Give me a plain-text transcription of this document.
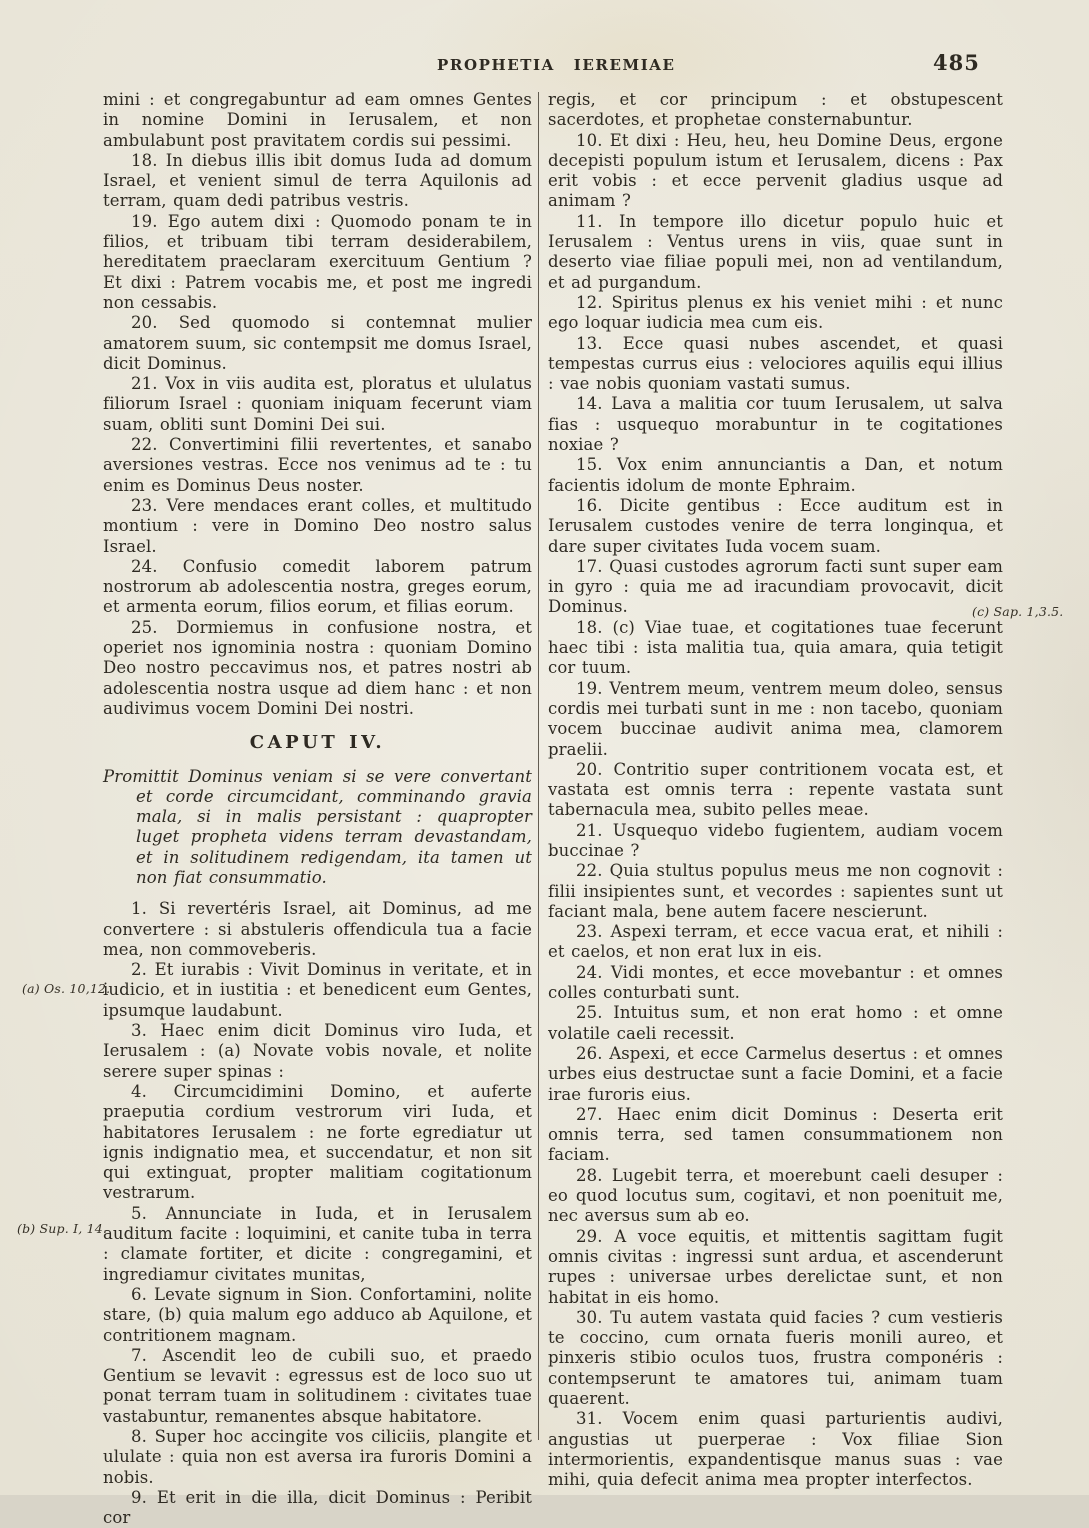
PROPHETIA IEREMIAE	485

mini : et congregabuntur ad eam omnes Gentes in nomine Domini in Ierusalem, et non ambulabunt post pravitatem cordis sui pessimi.

18. In diebus illis ibit domus Iuda ad domum Israel, et venient simul de terra Aquilonis ad terram, quam dedi patribus vestris.

19. Ego autem dixi : Quomodo ponam te in filios, et tribuam tibi terram desiderabilem, hereditatem praeclaram exercituum Gentium ? Et dixi : Patrem vocabis me, et post me ingredi non cessabis.

20. Sed quomodo si contemnat mulier amatorem suum, sic contempsit me domus Israel, dicit Dominus.

21. Vox in viis audita est, ploratus et ululatus filiorum Israel : quoniam iniquam fecerunt viam suam, obliti sunt Domini Dei sui.

22. Convertimini filii revertentes, et sanabo aversiones vestras. Ecce nos venimus ad te : tu enim es Dominus Deus noster.

23. Vere mendaces erant colles, et multitudo montium : vere in Domino Deo nostro salus Israel.

24. Confusio comedit laborem patrum nostrorum ab adolescentia nostra, greges eorum, et armenta eorum, filios eorum, et filias eorum.

25. Dormiemus in confusione nostra, et operiet nos ignominia nostra : quoniam Domino Deo nostro peccavimus nos, et patres nostri ab adolescentia nostra usque ad diem hanc : et non audivimus vocem Domini Dei nostri.

CAPUT IV.

Promittit Dominus veniam si se vere convertant et corde circumcidant, comminando gravia mala, si in malis persistant : quapropter luget propheta videns terram devastandam, et in solitudinem redigendam, ita tamen ut non fiat consummatio.

1. Si revertéris Israel, ait Dominus, ad me convertere : si abstuleris offendicula tua a facie mea, non commoveberis.

2. Et iurabis : Vivit Dominus in veritate, et in iudicio, et in iustitia : et benedicent eum Gentes, ipsumque laudabunt.

3. Haec enim dicit Dominus viro Iuda, et Ierusalem : (a) Novate vobis novale, et nolite serere super spinas :

4. Circumcidimini Domino, et auferte praeputia cordium vestrorum viri Iuda, et habitatores Ierusalem : ne forte egrediatur ut ignis indignatio mea, et succendatur, et non sit qui extinguat, propter malitiam cogitationum vestrarum.

5. Annunciate in Iuda, et in Ierusalem auditum facite : loquimini, et canite tuba in terra : clamate fortiter, et dicite : congregamini, et ingrediamur civitates munitas,

6. Levate signum in Sion. Confortamini, nolite stare, (b) quia malum ego adduco ab Aquilone, et contritionem magnam.

7. Ascendit leo de cubili suo, et praedo Gentium se levavit : egressus est de loco suo ut ponat terram tuam in solitudinem : civitates tuae vastabuntur, remanentes absque habitatore.

8. Super hoc accingite vos ciliciis, plangite et ululate : quia non est aversa ira furoris Domini a nobis.

9. Et erit in die illa, dicit Dominus : Peribit cor

regis, et cor principum : et obstupescent sacerdotes, et prophetae consternabuntur.

10. Et dixi : Heu, heu, heu Domine Deus, ergone decepisti populum istum et Ierusalem, dicens : Pax erit vobis : et ecce pervenit gladius usque ad animam ?

11. In tempore illo dicetur populo huic et Ierusalem : Ventus urens in viis, quae sunt in deserto viae filiae populi mei, non ad ventilandum, et ad purgandum.

12. Spiritus plenus ex his veniet mihi : et nunc ego loquar iudicia mea cum eis.

13. Ecce quasi nubes ascendet, et quasi tempestas currus eius : velociores aquilis equi illius : vae nobis quoniam vastati sumus.

14. Lava a malitia cor tuum Ierusalem, ut salva fias : usquequo morabuntur in te cogitationes noxiae ?

15. Vox enim annunciantis a Dan, et notum facientis idolum de monte Ephraim.

16. Dicite gentibus : Ecce auditum est in Ierusalem custodes venire de terra longinqua, et dare super civitates Iuda vocem suam.

17. Quasi custodes agrorum facti sunt super eam in gyro : quia me ad iracundiam provocavit, dicit Dominus.

18. (c) Viae tuae, et cogitationes tuae fecerunt haec tibi : ista malitia tua, quia amara, quia tetigit cor tuum.

19. Ventrem meum, ventrem meum doleo, sensus cordis mei turbati sunt in me : non tacebo, quoniam vocem buccinae audivit anima mea, clamorem praelii.

20. Contritio super contritionem vocata est, et vastata est omnis terra : repente vastata sunt tabernacula mea, subito pelles meae.

21. Usquequo videbo fugientem, audiam vocem buccinae ?

22. Quia stultus populus meus me non cognovit : filii insipientes sunt, et vecordes : sapientes sunt ut faciant mala, bene autem facere nescierunt.

23. Aspexi terram, et ecce vacua erat, et nihili : et caelos, et non erat lux in eis.

24. Vidi montes, et ecce movebantur : et omnes colles conturbati sunt.

25. Intuitus sum, et non erat homo : et omne volatile caeli recessit.

26. Aspexi, et ecce Carmelus desertus : et omnes urbes eius destructae sunt a facie Domini, et a facie irae furoris eius.

27. Haec enim dicit Dominus : Deserta erit omnis terra, sed tamen consummationem non faciam.

28. Lugebit terra, et moerebunt caeli desuper : eo quod locutus sum, cogitavi, et non poenituit me, nec aversus sum ab eo.

29. A voce equitis, et mittentis sagittam fugit omnis civitas : ingressi sunt ardua, et ascenderunt rupes : universae urbes derelictae sunt, et non habitat in eis homo.

30. Tu autem vastata quid facies ? cum vestieris te coccino, cum ornata fueris monili aureo, et pinxeris stibio oculos tuos, frustra componéris : contempserunt te amatores tui, animam tuam quaerent.

31. Vocem enim quasi parturientis audivi, angustias ut puerperae : Vox filiae Sion intermorientis, expandentisque manus suas : vae mihi, quia defecit anima mea propter interfectos.

(a) Os. 10,12.
(b) Sup. I, 14.
(c) Sap. 1,3.5.
